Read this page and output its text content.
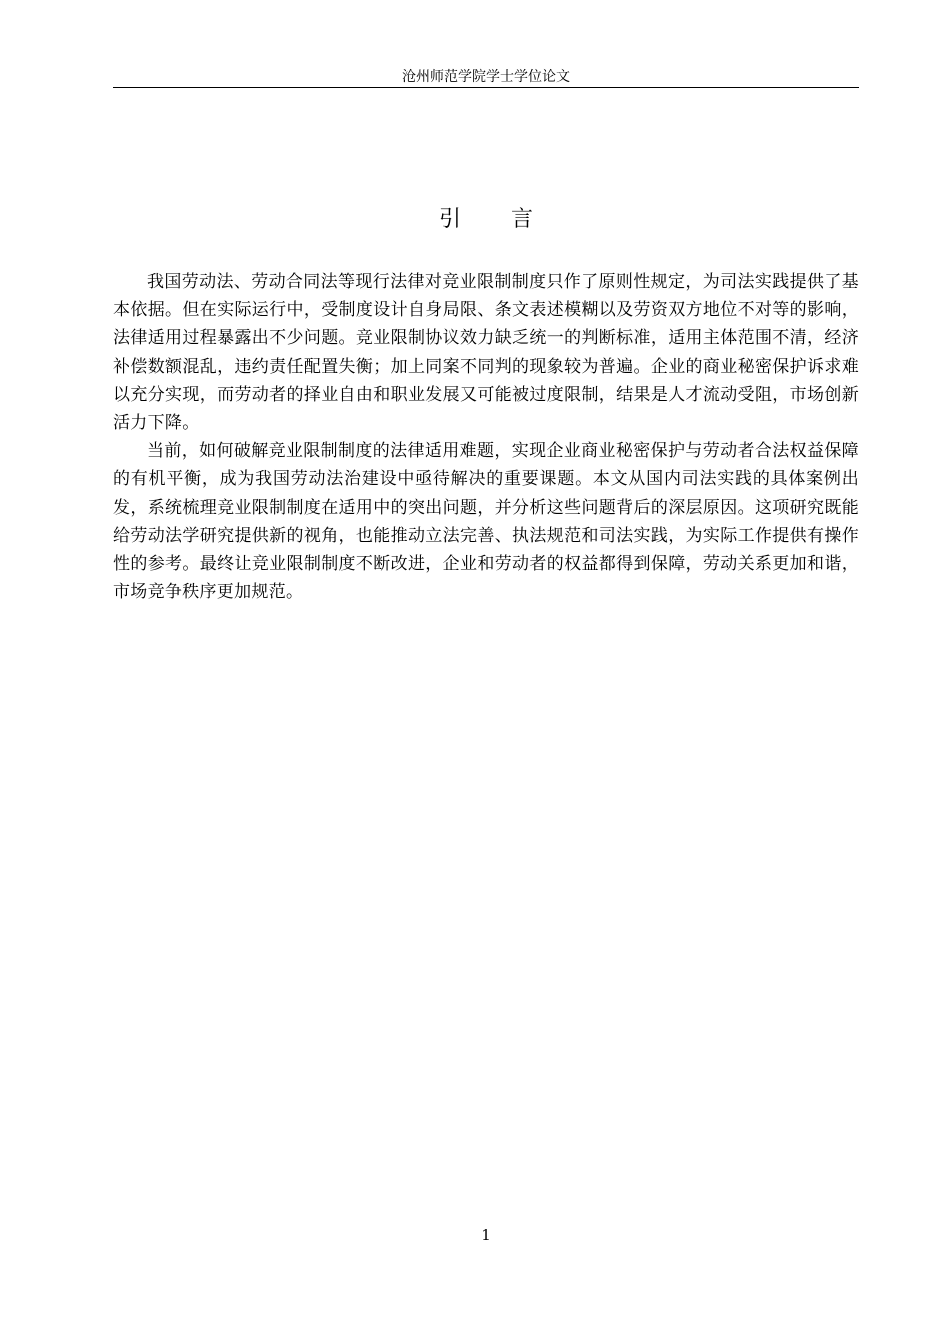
沧州师范学院学士学位论文
引 言

我国劳动法、劳动合同法等现行法律对竞业限制制度只作了原则性规定，为司法实践提供了基本依据。但在实际运行中，受制度设计自身局限、条文表述模糊以及劳资双方地位不对等的影响，法律适用过程暴露出不少问题。竞业限制协议效力缺乏统一的判断标准，适用主体范围不清，经济补偿数额混乱，违约责任配置失衡；加上同案不同判的现象较为普遍。企业的商业秘密保护诉求难以充分实现，而劳动者的择业自由和职业发展又可能被过度限制，结果是人才流动受阻，市场创新活力下降。

当前，如何破解竞业限制制度的法律适用难题，实现企业商业秘密保护与劳动者合法权益保障的有机平衡，成为我国劳动法治建设中亟待解决的重要课题。本文从国内司法实践的具体案例出发，系统梳理竞业限制制度在适用中的突出问题，并分析这些问题背后的深层原因。这项研究既能给劳动法学研究提供新的视角，也能推动立法完善、执法规范和司法实践，为实际工作提供有操作性的参考。最终让竞业限制制度不断改进，企业和劳动者的权益都得到保障，劳动关系更加和谐，市场竞争秩序更加规范。

1
